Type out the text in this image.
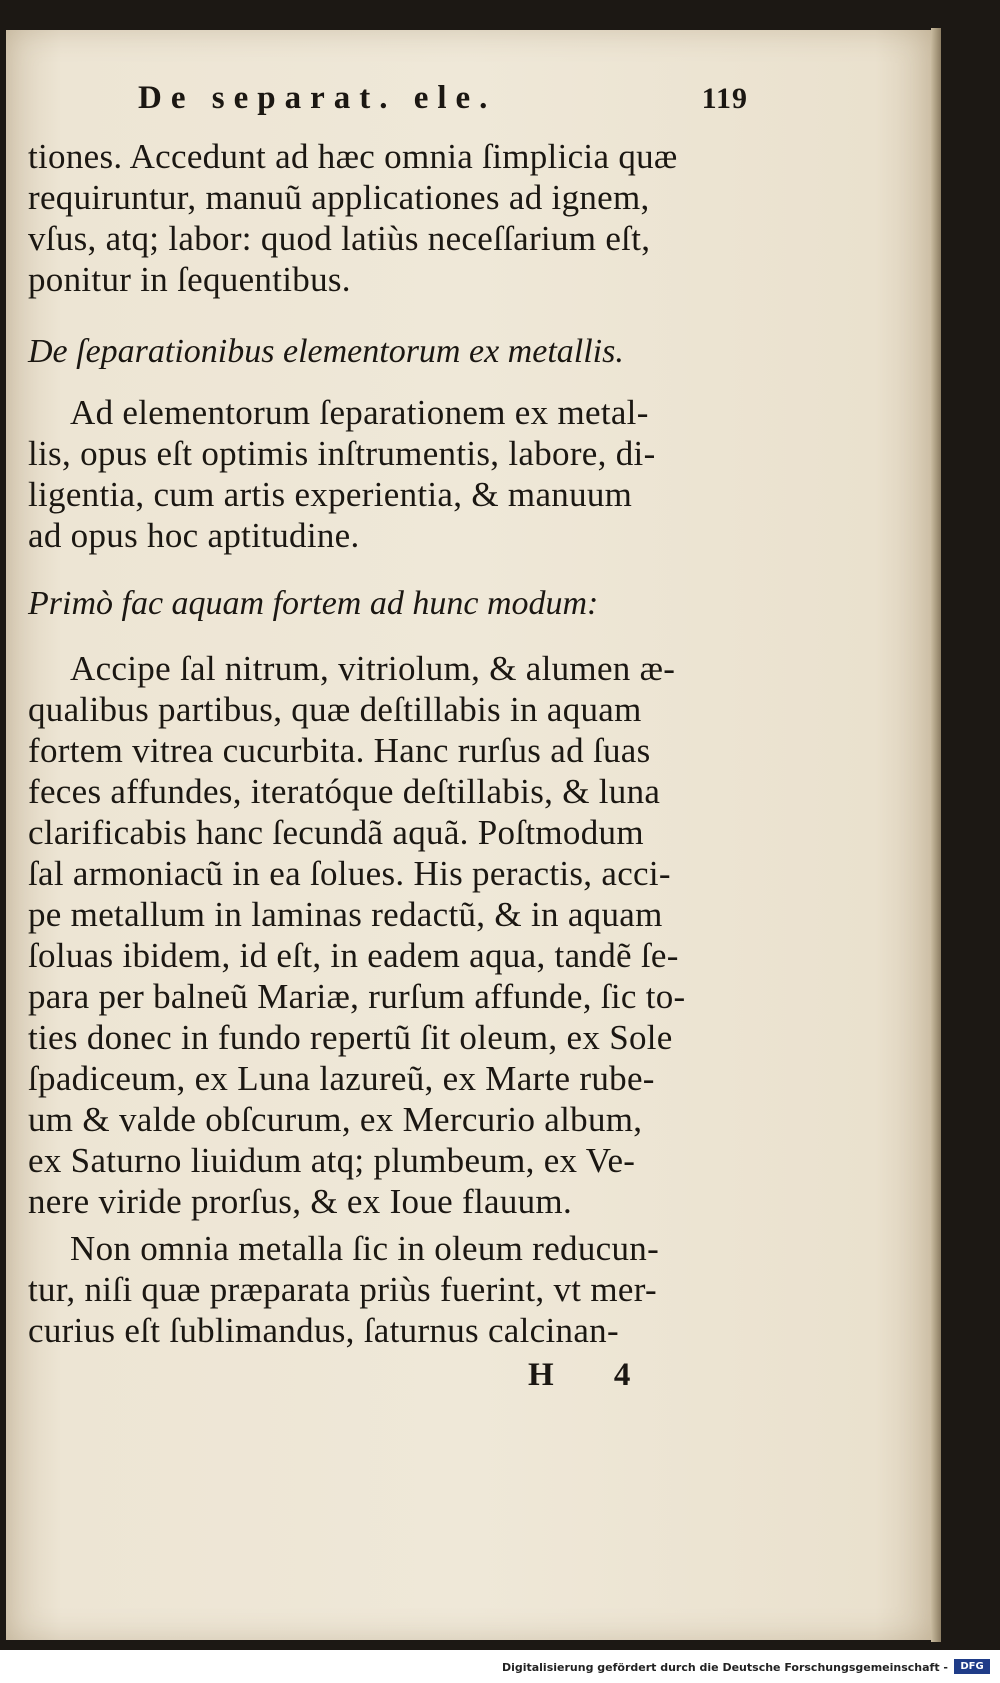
De separat. ele.	119
tiones. Accedunt ad hæc omnia ſimplicia quæ
requiruntur, manuũ applicationes ad ignem,
vſus, atq; labor: quod latiùs neceſſarium eſt,
ponitur in ſequentibus.
De ſeparationibus elementorum ex metallis.
Ad elementorum ſeparationem ex metal-
lis, opus eſt optimis inſtrumentis, labore, di-
ligentia, cum artis experientia, & manuum
ad opus hoc aptitudine.
Primò fac aquam fortem ad hunc modum:
Accipe ſal nitrum, vitriolum, & alumen æ-
qualibus partibus, quæ deſtillabis in aquam
fortem vitrea cucurbita. Hanc rurſus ad ſuas
feces affundes, iteratóque deſtillabis, & luna
clarificabis hanc ſecundã aquã. Poſtmodum
ſal armoniacũ in ea ſolues. His peractis, acci-
pe metallum in laminas redactũ, & in aquam
ſoluas ibidem, id eſt, in eadem aqua, tandẽ ſe-
para per balneũ Mariæ, rurſum affunde, ſic to-
ties donec in fundo repertũ ſit oleum, ex Sole
ſpadiceum, ex Luna lazureũ, ex Marte rube-
um & valde obſcurum, ex Mercurio album,
ex Saturno liuidum atq; plumbeum, ex Ve-
nere viride prorſus, & ex Ioue flauum.
Non omnia metalla ſic in oleum reducun-
tur, niſi quæ præparata priùs fuerint, vt mer-
curius eſt ſublimandus, ſaturnus calcinan-
H 4
Digitalisierung gefördert durch die Deutsche Forschungsgemeinschaft -	DFG
